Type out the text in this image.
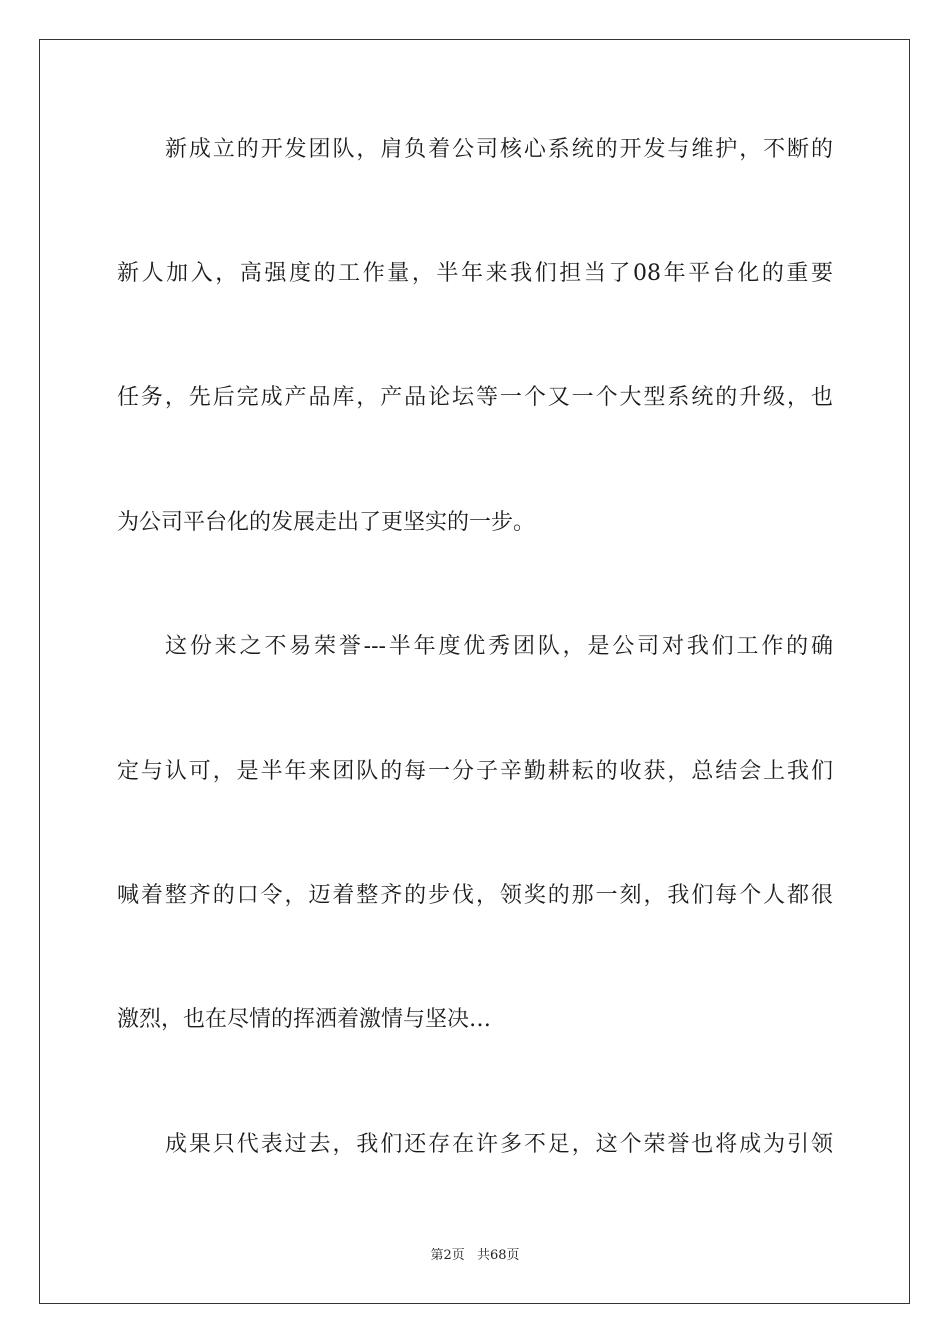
新成立的开发团队，肩负着公司核心系统的开发与维护，不断的
新人加入，高强度的工作量，半年来我们担当了08年平台化的重要
任务，先后完成产品库，产品论坛等一个又一个大型系统的升级，也
为公司平台化的发展走出了更坚实的一步。
这份来之不易荣誉---半年度优秀团队，是公司对我们工作的确
定与认可，是半年来团队的每一分子辛勤耕耘的收获，总结会上我们
喊着整齐的口令，迈着整齐的步伐，领奖的那一刻，我们每个人都很
激烈，也在尽情的挥洒着激情与坚决…
成果只代表过去，我们还存在许多不足，这个荣誉也将成为引领
第2页 共68页
